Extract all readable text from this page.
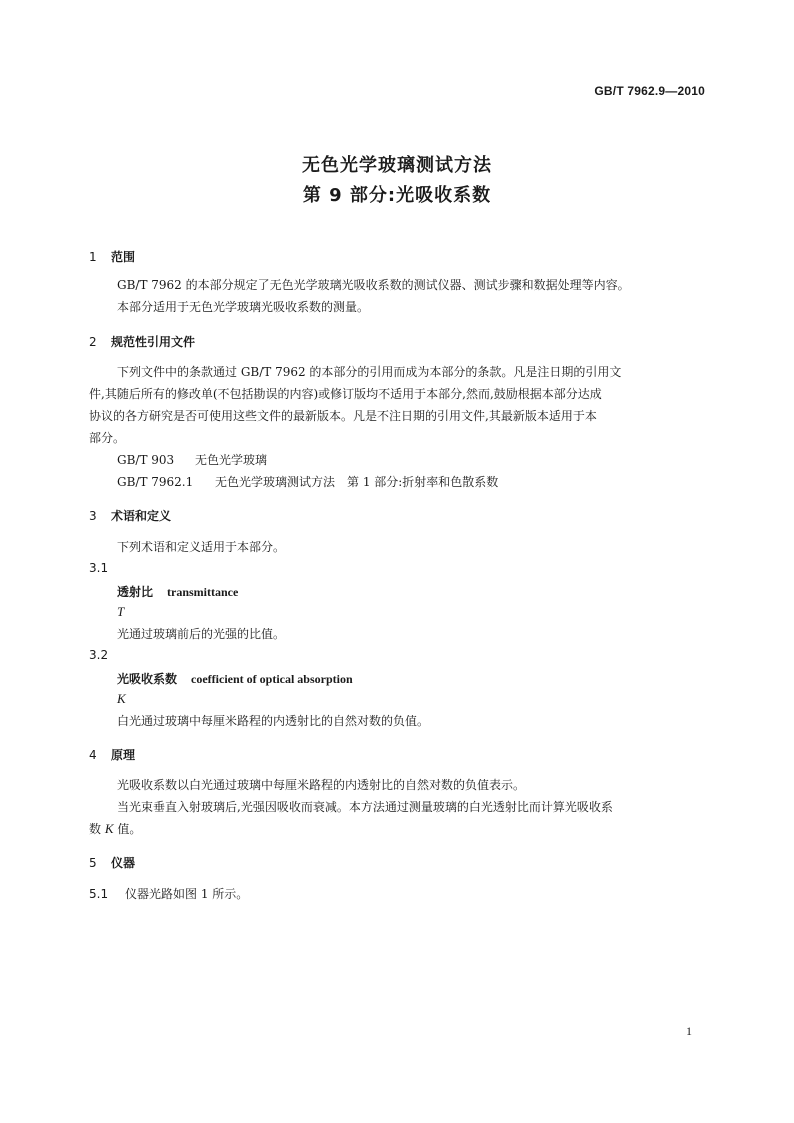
GB/T 7962.9—2010
无色光学玻璃测试方法
第 9 部分:光吸收系数
1 范围
GB/T 7962 的本部分规定了无色光学玻璃光吸收系数的测试仪器、测试步骤和数据处理等内容。
本部分适用于无色光学玻璃光吸收系数的测量。
2 规范性引用文件
下列文件中的条款通过 GB/T 7962 的本部分的引用而成为本部分的条款。凡是注日期的引用文
件,其随后所有的修改单(不包括勘误的内容)或修订版均不适用于本部分,然而,鼓励根据本部分达成
协议的各方研究是否可使用这些文件的最新版本。凡是不注日期的引用文件,其最新版本适用于本
部分。
GB/T 903 无色光学玻璃
GB/T 7962.1 无色光学玻璃测试方法　第 1 部分:折射率和色散系数
3 术语和定义
下列术语和定义适用于本部分。
3.1
透射比 transmittance
T
光通过玻璃前后的光强的比值。
3.2
光吸收系数 coefficient of optical absorption
K
白光通过玻璃中每厘米路程的内透射比的自然对数的负值。
4 原理
光吸收系数以白光通过玻璃中每厘米路程的内透射比的自然对数的负值表示。
当光束垂直入射玻璃后,光强因吸收而衰减。本方法通过测量玻璃的白光透射比而计算光吸收系
数 K 值。
5 仪器
5.1 仪器光路如图 1 所示。
1
